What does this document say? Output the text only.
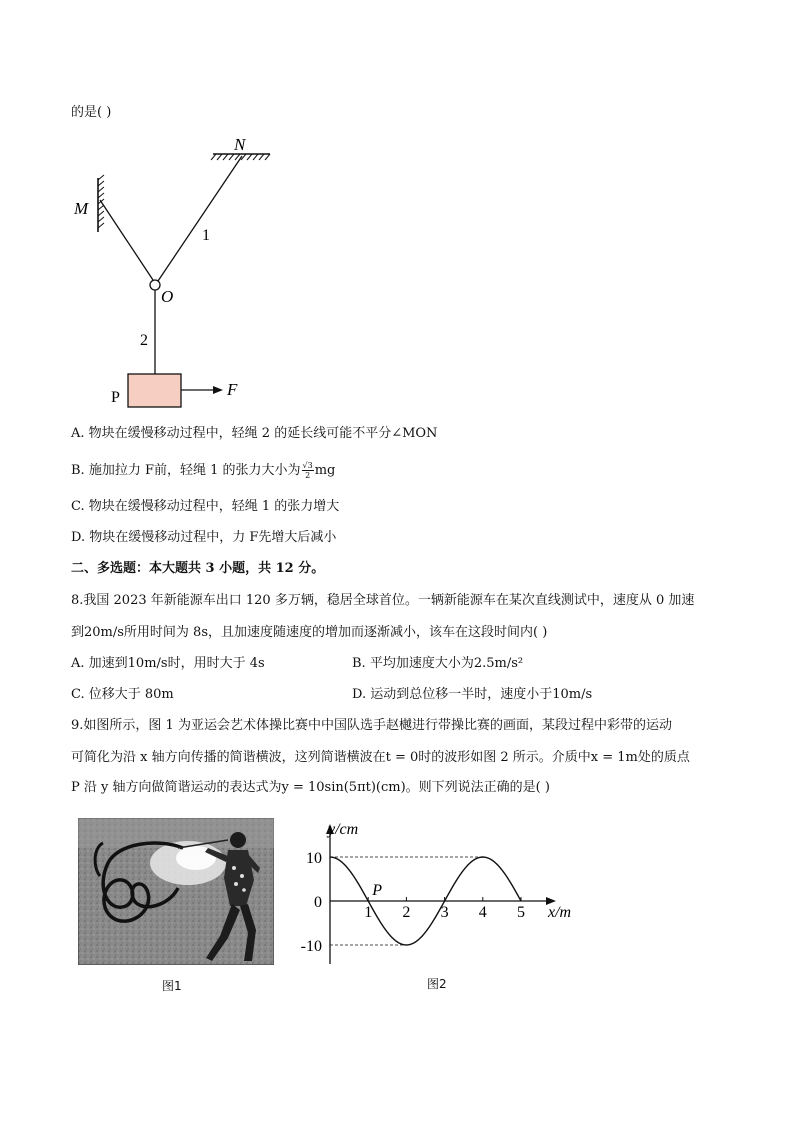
的是( )
N
M
1
O
2
P	F
A. 物块在缓慢移动过程中，轻绳 2 的延长线可能不平分∠MON
B. 施加拉力 F前，轻绳 1 的张力大小为 $\frac{√3}{2}$ mg
C. 物块在缓慢移动过程中，轻绳 1 的张力增大
D. 物块在缓慢移动过程中，力 F先增大后减小
二、多选题：本大题共 3 小题，共 12 分。
8.我国 2023 年新能源车出口 120 多万辆，稳居全球首位。一辆新能源车在某次直线测试中，速度从 0 加速
到20m/s所用时间为 8s，且加速度随速度的增加而逐渐减小，该车在这段时间内( )
A. 加速到10m/s时，用时大于 4s	B. 平均加速度大小为2.5m/s²
C. 位移大于 80m	D. 运动到总位移一半时，速度小于10m/s
9.如图所示，图 1 为亚运会艺术体操比赛中中国队选手赵樾进行带操比赛的画面，某段过程中彩带的运动
可简化为沿 x 轴方向传播的简谐横波，这列简谐横波在t = 0时的波形如图 2 所示。介质中x = 1m处的质点
P 沿 y 轴方向做简谐运动的表达式为y = 10sin(5πt)(cm)。则下列说法正确的是( )
图1
y/cm
x/m
10
0
-10
1 2 3 4 5
P
图2
